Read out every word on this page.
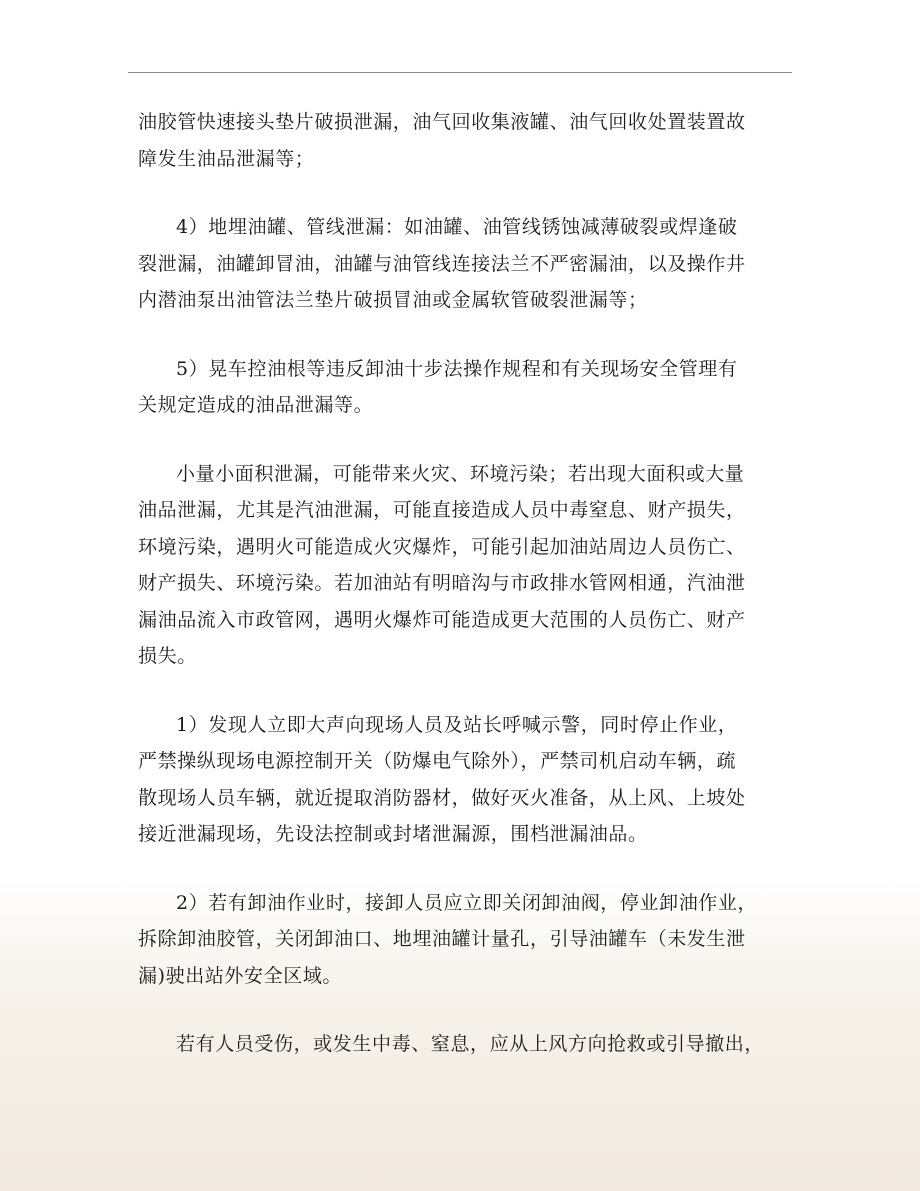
油胶管快速接头垫片破损泄漏，油气回收集液罐、油气回收处置装置故
障发生油品泄漏等；

4）地埋油罐、管线泄漏：如油罐、油管线锈蚀减薄破裂或焊逢破
裂泄漏，油罐卸冒油，油罐与油管线连接法兰不严密漏油，以及操作井
内潜油泵出油管法兰垫片破损冒油或金属软管破裂泄漏等；

5）晃车控油根等违反卸油十步法操作规程和有关现场安全管理有
关规定造成的油品泄漏等。

小量小面积泄漏，可能带来火灾、环境污染；若出现大面积或大量
油品泄漏，尤其是汽油泄漏，可能直接造成人员中毒窒息、财产损失，
环境污染，遇明火可能造成火灾爆炸，可能引起加油站周边人员伤亡、
财产损失、环境污染。若加油站有明暗沟与市政排水管网相通，汽油泄
漏油品流入市政管网，遇明火爆炸可能造成更大范围的人员伤亡、财产
损失。

1）发现人立即大声向现场人员及站长呼喊示警，同时停止作业，
严禁操纵现场电源控制开关（防爆电气除外），严禁司机启动车辆，疏
散现场人员车辆，就近提取消防器材，做好灭火准备，从上风、上坡处
接近泄漏现场，先设法控制或封堵泄漏源，围档泄漏油品。

2）若有卸油作业时，接卸人员应立即关闭卸油阀，停业卸油作业，
拆除卸油胶管，关闭卸油口、地埋油罐计量孔，引导油罐车（未发生泄
漏)驶出站外安全区域。

若有人员受伤，或发生中毒、窒息，应从上风方向抢救或引导撤出，
